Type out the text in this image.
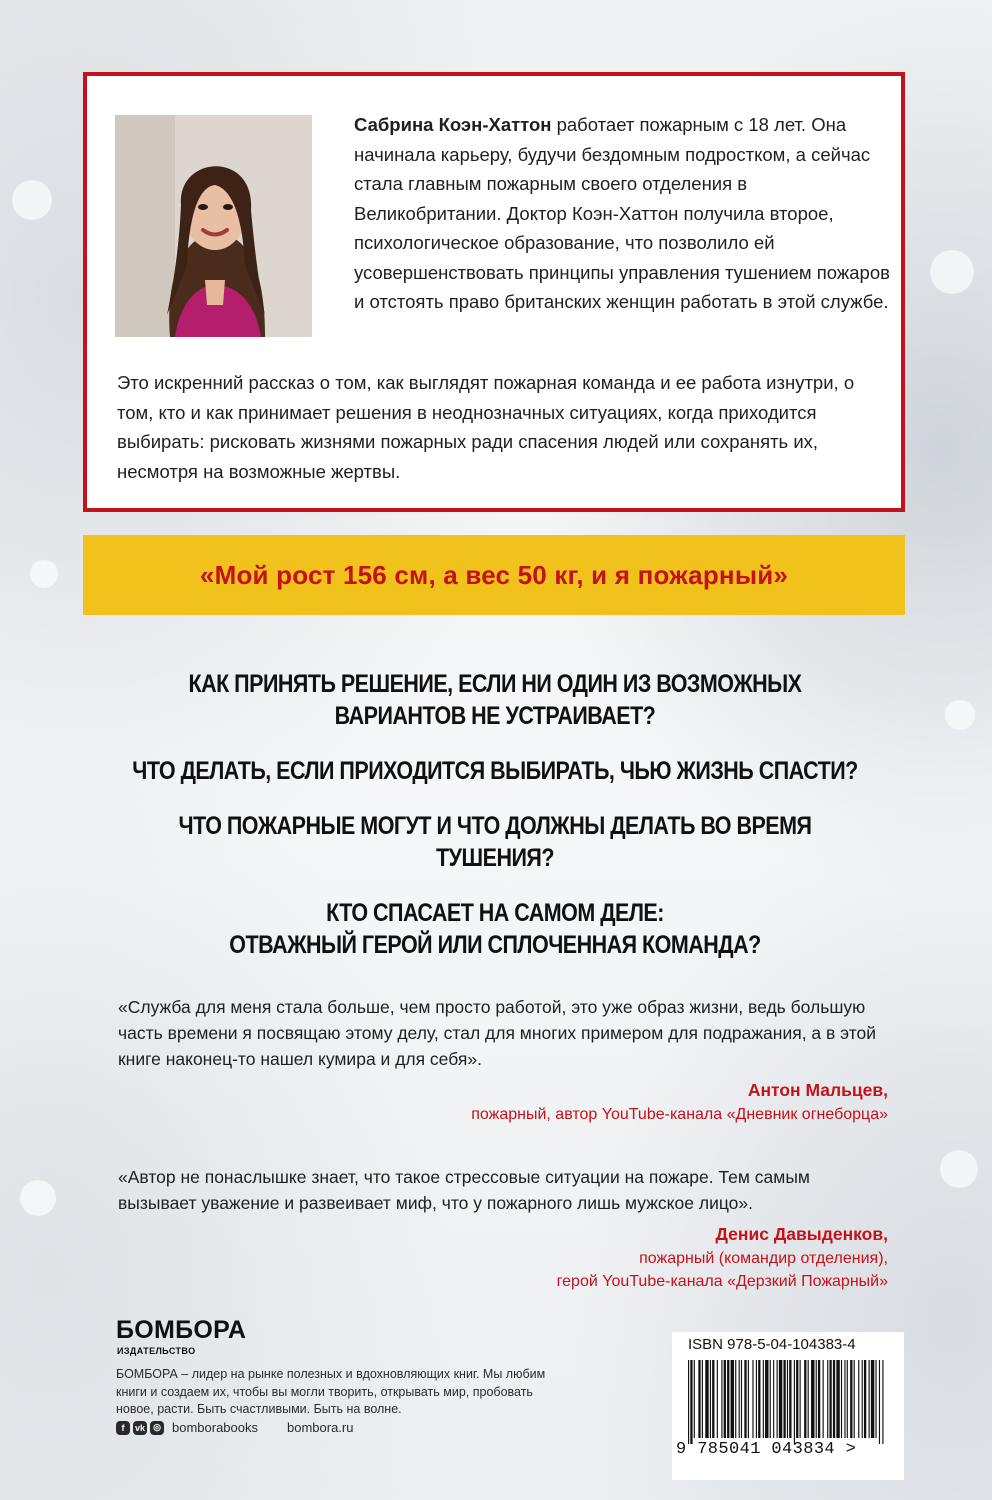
Сабрина Коэн-Хаттон работает пожарным с 18 лет. Она начинала карьеру, будучи бездомным подростком, а сейчас стала главным пожарным своего отделения в Великобритании. Доктор Коэн-Хаттон получила второе, психологическое образование, что позволило ей усовершенствовать принципы управления тушением пожаров и отстоять право британских женщин работать в этой службе.

Это искренний рассказ о том, как выглядят пожарная команда и ее работа изнутри, о том, кто и как принимает решения в неоднозначных ситуациях, когда приходится выбирать: рисковать жизнями пожарных ради спасения людей или сохранять их, несмотря на возможные жертвы.

«Мой рост 156 см, а вес 50 кг, и я пожарный»
КАК ПРИНЯТЬ РЕШЕНИЕ, ЕСЛИ НИ ОДИН ИЗ ВОЗМОЖНЫХ
ВАРИАНТОВ НЕ УСТРАИВАЕТ?
ЧТО ДЕЛАТЬ, ЕСЛИ ПРИХОДИТСЯ ВЫБИРАТЬ, ЧЬЮ ЖИЗНЬ СПАСТИ?
ЧТО ПОЖАРНЫЕ МОГУТ И ЧТО ДОЛЖНЫ ДЕЛАТЬ ВО ВРЕМЯ ТУШЕНИЯ?
КТО СПАСАЕТ НА САМОМ ДЕЛЕ:
ОТВАЖНЫЙ ГЕРОЙ ИЛИ СПЛОЧЕННАЯ КОМАНДА?

«Служба для меня стала больше, чем просто работой, это уже образ жизни, ведь большую часть времени я посвящаю этому делу, стал для многих примером для подражания, а в этой книге наконец-то нашел кумира и для себя».

Антон Мальцев,

пожарный, автор YouTube-канала «Дневник огнеборца»

«Автор не понаслышке знает, что такое стрессовые ситуации на пожаре. Тем самым вызывает уважение и развеивает миф, что у пожарного лишь мужское лицо».

Денис Давыденков,

пожарный (командир отделения),

герой YouTube-канала «Дерзкий Пожарный»

БОМБОРА
ИЗДАТЕЛЬСТВО

БОМБОРА – лидер на рынке полезных и вдохновляющих книг. Мы любим книги и создаем их, чтобы вы могли творить, открывать мир, пробовать новое, расти. Быть счастливыми. Быть на волне.

f	vk ◎ bomborabooks bombora.ru
ISBN 978-5-04-104383-4
9 785041 043834 >
